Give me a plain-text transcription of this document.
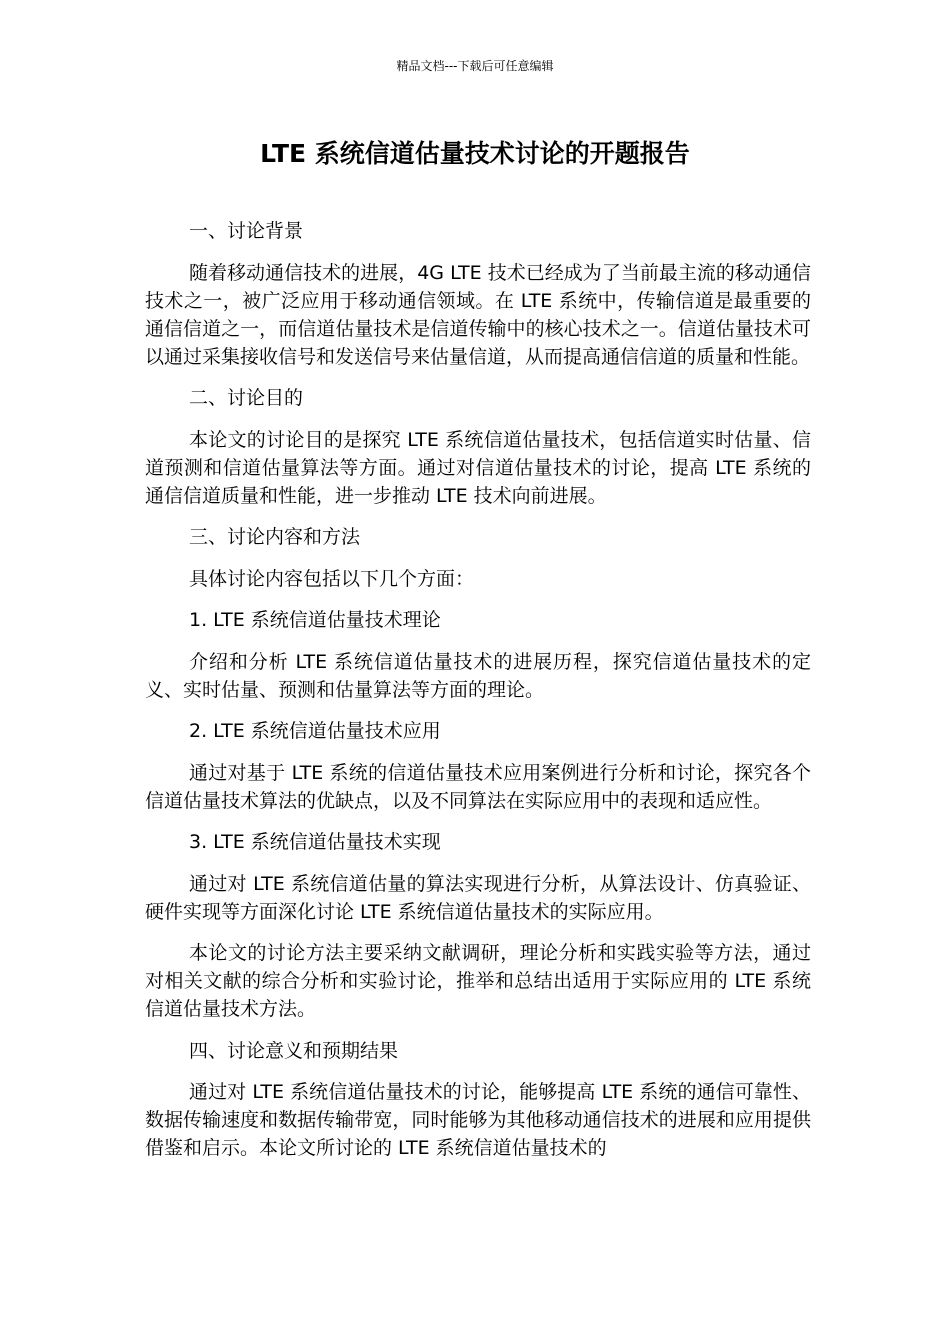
精品文档---下载后可任意编辑
LTE 系统信道估量技术讨论的开题报告

一、讨论背景

随着移动通信技术的进展，4G LTE 技术已经成为了当前最主流的移动通信技术之一，被广泛应用于移动通信领域。在 LTE 系统中，传输信道是最重要的通信信道之一，而信道估量技术是信道传输中的核心技术之一。信道估量技术可以通过采集接收信号和发送信号来估量信道，从而提高通信信道的质量和性能。

二、讨论目的

本论文的讨论目的是探究 LTE 系统信道估量技术，包括信道实时估量、信道预测和信道估量算法等方面。通过对信道估量技术的讨论，提高 LTE 系统的通信信道质量和性能，进一步推动 LTE 技术向前进展。

三、讨论内容和方法

具体讨论内容包括以下几个方面：

1. LTE 系统信道估量技术理论

介绍和分析 LTE 系统信道估量技术的进展历程，探究信道估量技术的定义、实时估量、预测和估量算法等方面的理论。

2. LTE 系统信道估量技术应用

通过对基于 LTE 系统的信道估量技术应用案例进行分析和讨论，探究各个信道估量技术算法的优缺点，以及不同算法在实际应用中的表现和适应性。

3. LTE 系统信道估量技术实现

通过对 LTE 系统信道估量的算法实现进行分析，从算法设计、仿真验证、硬件实现等方面深化讨论 LTE 系统信道估量技术的实际应用。

本论文的讨论方法主要采纳文献调研，理论分析和实践实验等方法，通过对相关文献的综合分析和实验讨论，推举和总结出适用于实际应用的 LTE 系统信道估量技术方法。

四、讨论意义和预期结果

通过对 LTE 系统信道估量技术的讨论，能够提高 LTE 系统的通信可靠性、数据传输速度和数据传输带宽，同时能够为其他移动通信技术的进展和应用提供借鉴和启示。本论文所讨论的 LTE 系统信道估量技术的
